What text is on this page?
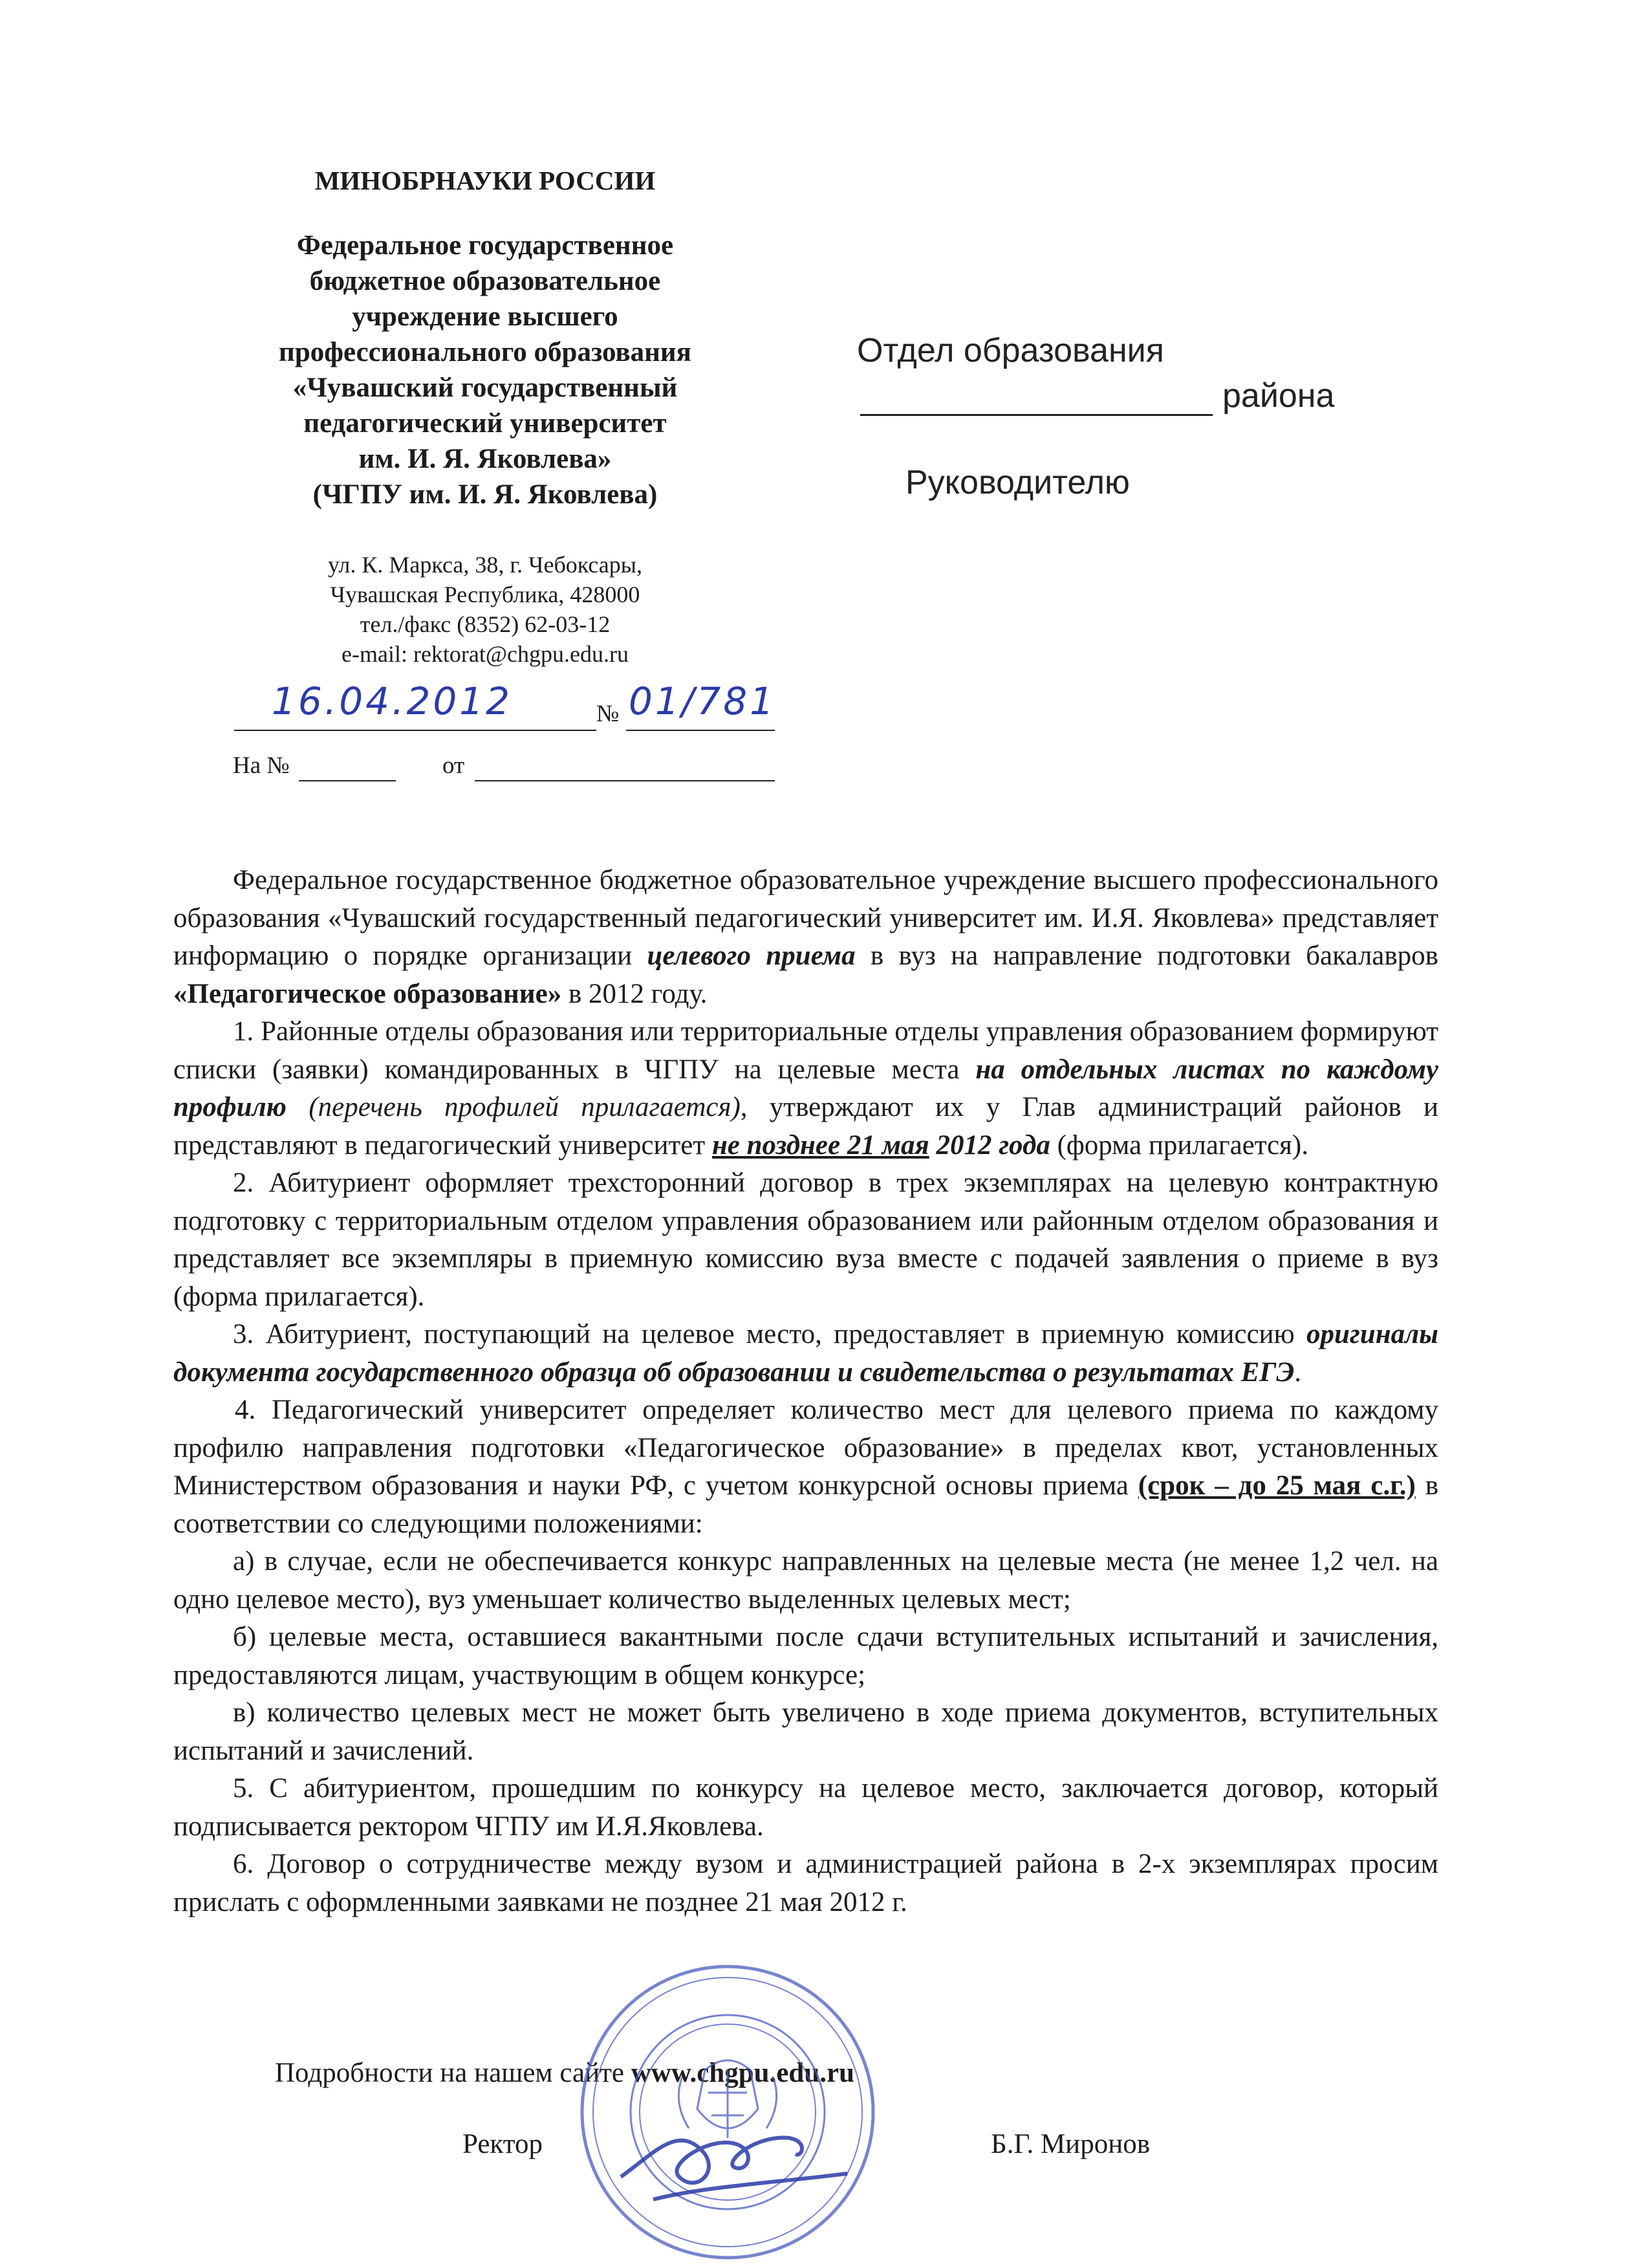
МИНОБРНАУКИ РОССИИ
Федеральное государственное
бюджетное образовательное
учреждение высшего
профессионального образования
«Чувашский государственный
педагогический университет
им. И. Я. Яковлева»
(ЧГПУ им. И. Я. Яковлева)
ул. К. Маркса, 38, г. Чебоксары,
Чувашская Республика, 428000
тел./факс (8352) 62-03-12
e-mail: rektorat@chgpu.edu.ru
16.04.2012	№ 01/781
На №	от
Отдел образования
района
Руководителю

Федеральное государственное бюджетное образовательное учреждение высшего профессионального образования «Чувашский государственный педагогический университет им. И.Я. Яковлева» представляет информацию о порядке организации целевого приема в вуз на направление подготовки бакалавров «Педагогическое образование» в 2012 году.

1. Районные отделы образования или территориальные отделы управления образованием формируют списки (заявки) командированных в ЧГПУ на целевые места на отдельных листах по каждому профилю (перечень профилей прилагается), утверждают их у Глав администраций районов и представляют в педагогический университет не позднее 21 мая 2012 года (форма прилагается).

2. Абитуриент оформляет трехсторонний договор в трех экземплярах на целевую контрактную подготовку с территориальным отделом управления образованием или районным отделом образования и представляет все экземпляры в приемную комиссию вуза вместе с подачей заявления о приеме в вуз (форма прилагается).

3. Абитуриент, поступающий на целевое место, предоставляет в приемную комиссию оригиналы документа государственного образца об образовании и свидетельства о результатах ЕГЭ.

4. Педагогический университет определяет количество мест для целевого приема по каждому профилю направления подготовки «Педагогическое образование» в пределах квот, установленных Министерством образования и науки РФ, с учетом конкурсной основы приема (срок – до 25 мая с.г.) в соответствии со следующими положениями:

а) в случае, если не обеспечивается конкурс направленных на целевые места (не менее 1,2 чел. на одно целевое место), вуз уменьшает количество выделенных целевых мест;

б) целевые места, оставшиеся вакантными после сдачи вступительных испытаний и зачисления, предоставляются лицам, участвующим в общем конкурсе;

в) количество целевых мест не может быть увеличено в ходе приема документов, вступительных испытаний и зачислений.

5. С абитуриентом, прошедшим по конкурсу на целевое место, заключается договор, который подписывается ректором ЧГПУ им И.Я.Яковлева.

6. Договор о сотрудничестве между вузом и администрацией района в 2-х экземплярах просим прислать с оформленными заявками не позднее 21 мая 2012 г.

Подробности на нашем сайте www.chgpu.edu.ru
Ректор	Б.Г. Миронов
